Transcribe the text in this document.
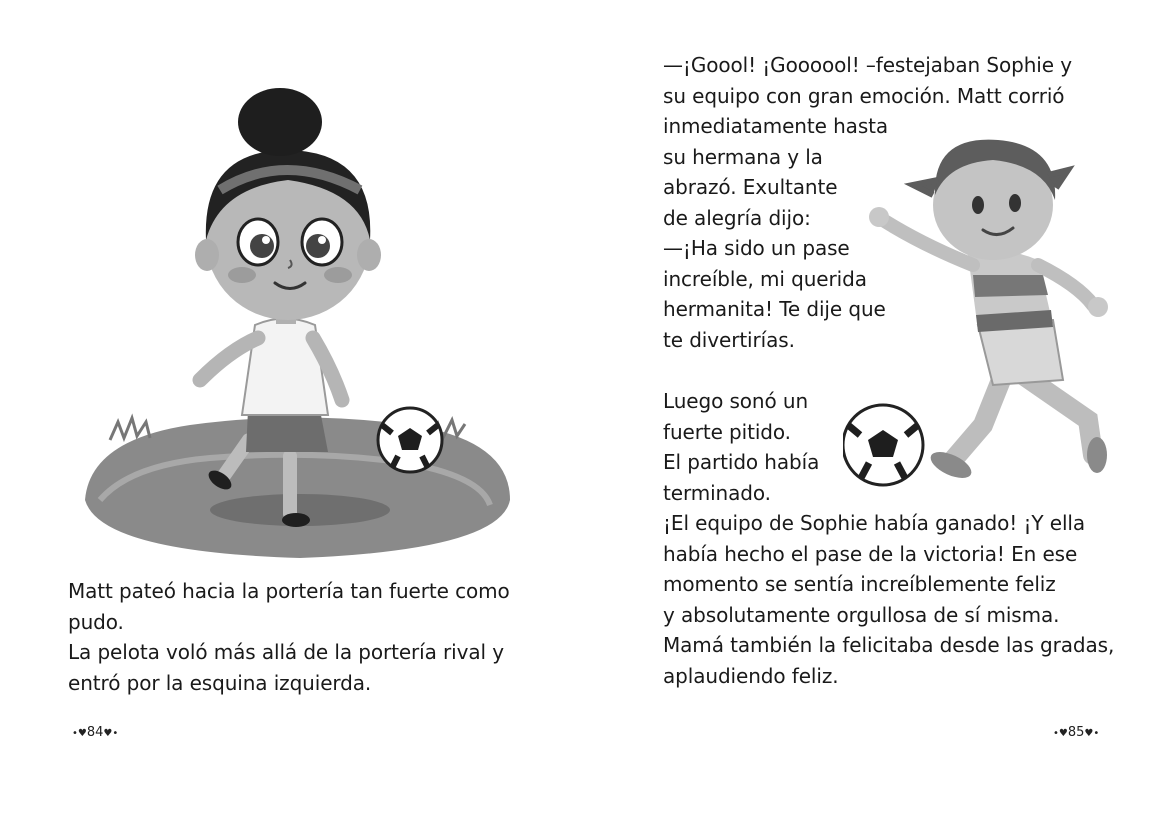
Matt pateó hacia la portería tan fuerte como
pudo.
La pelota voló más allá de la portería rival y
entró por la esquina izquierda.
•♥84♥•
—¡Goool! ¡Goooool! –festejaban Sophie y
su equipo con gran emoción. Matt corrió
inmediatamente hasta
su hermana y la
abrazó. Exultante
de alegría dijo:
—¡Ha sido un pase
increíble, mi querida
hermanita! Te dije que
te divertirías.
Luego sonó un
fuerte pitido.
El partido había
terminado.
¡El equipo de Sophie había ganado! ¡Y ella
había hecho el pase de la victoria! En ese
momento se sentía increíblemente feliz
y absolutamente orgullosa de sí misma.
Mamá también la felicitaba desde las gradas,
aplaudiendo feliz.
•♥85♥•
